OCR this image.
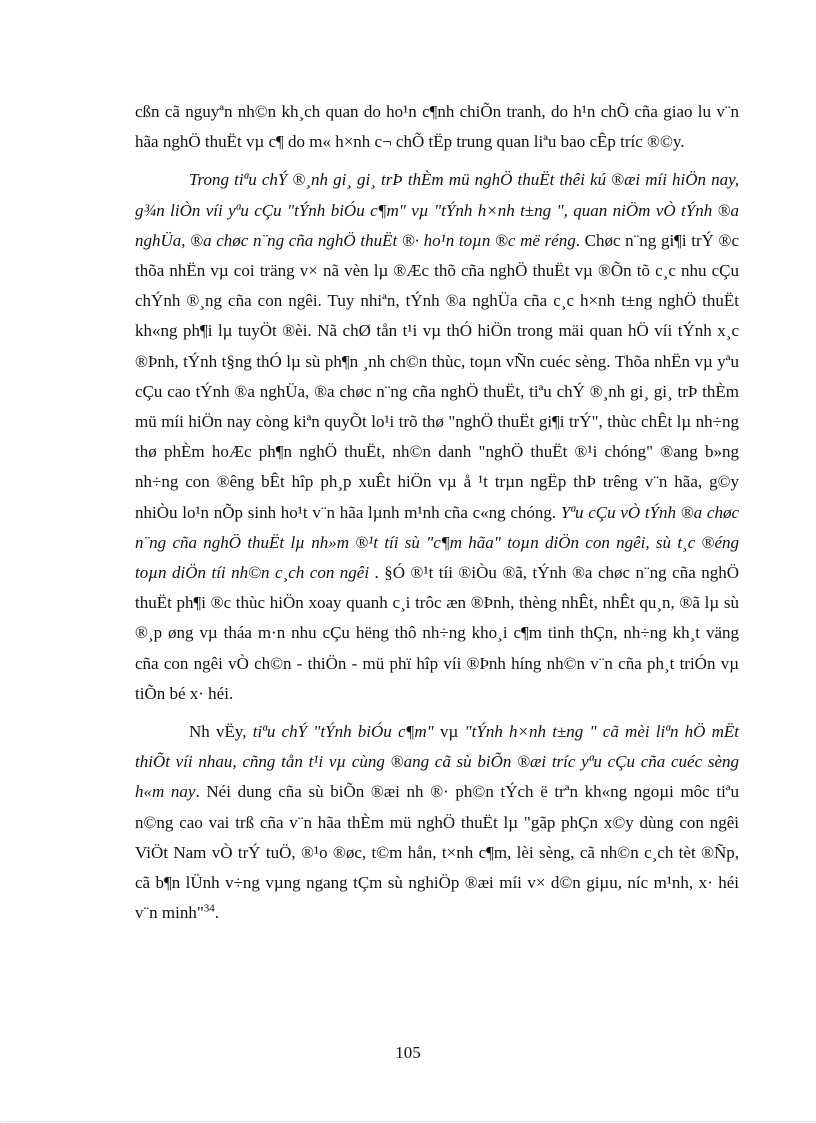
cßn cã nguyªn nh©n kh¸ch quan do ho¹n c¶nh chiÕn tranh, do h¹n chÕ cña giao lu v¨n hãa nghÖ thuËt vµ c¶ do m« h×nh c¬ chÕ tËp trung quan liªu bao cÊp tríc ®©y.

Trong tiªu chÝ ®¸nh gi¸ gi¸ trÞ thÈm mü nghÖ thuËt thêi kú ®æi míi hiÖn nay, g¾n liÒn víi yªu cÇu "tÝnh biÓu c¶m" vµ "tÝnh h×nh t±ng ", quan niÖm vÒ tÝnh ®a nghÜa, ®a chøc n¨ng cña nghÖ thuËt ®· ho¹n toµn ®c më réng. Chøc n¨ng gi¶i trÝ ®c thõa nhËn vµ coi träng v× nã vèn lµ ®Æc thõ cña nghÖ thuËt vµ ®Õn tõ c¸c nhu cÇu chÝnh ®¸ng cña con ngêi. Tuy nhiªn, tÝnh ®a nghÜa cña c¸c h×nh t±ng nghÖ thuËt kh«ng ph¶i lµ tuyÖt ®èi. Nã chØ tån t¹i vµ thÓ hiÖn trong mäi quan hÖ víi tÝnh x¸c ®Þnh, tÝnh t§ng thÓ lµ sù ph¶n ¸nh ch©n thùc, toµn vÑn cuéc sèng. Thõa nhËn vµ yªu cÇu cao tÝnh ®a nghÜa, ®a chøc n¨ng cña nghÖ thuËt, tiªu chÝ ®¸nh gi¸ gi¸ trÞ thÈm mü míi hiÖn nay còng kiªn quyÕt lo¹i trõ thø "nghÖ thuËt gi¶i trÝ", thùc chÊt lµ nh÷ng thø phÈm hoÆc ph¶n nghÖ thuËt, nh©n danh "nghÖ thuËt ®¹i chóng" ®ang b»ng nh÷ng con ®êng bÊt hîp ph¸p xuÊt hiÖn vµ å ¹t trµn ngËp thÞ trêng v¨n hãa, g©y nhiÒu lo¹n nÕp sinh ho¹t v¨n hãa lµnh m¹nh cña c«ng chóng. Yªu cÇu vÒ tÝnh ®a chøc n¨ng cña nghÖ thuËt lµ nh»m ®¹t tíi sù "c¶m hãa" toµn diÖn con ngêi, sù t¸c ®éng toµn diÖn tíi nh©n c¸ch con ngêi . §Ó ®¹t tíi ®iÒu ®ã, tÝnh ®a chøc n¨ng cña nghÖ thuËt ph¶i ®c thùc hiÖn xoay quanh c¸i trôc æn ®Þnh, thèng nhÊt, nhÊt qu¸n, ®ã lµ sù ®¸p øng vµ tháa m·n nhu cÇu hëng thô nh÷ng kho¸i c¶m tinh thÇn, nh÷ng kh¸t väng cña con ngêi vÒ ch©n - thiÖn - mü phï hîp víi ®Þnh híng nh©n v¨n cña ph¸t triÓn vµ tiÕn bé x· héi.

Nh vËy, tiªu chÝ "tÝnh biÓu c¶m" vµ "tÝnh h×nh t±ng " cã mèi liªn hÖ mËt thiÕt víi nhau, cñng tån t¹i vµ cùng ®ang cã sù biÕn ®æi tríc yªu cÇu cña cuéc sèng h«m nay. Néi dung cña sù biÕn ®æi nh ®· ph©n tÝch ë trªn kh«ng ngoµi môc tiªu n©ng cao vai trß cña v¨n hãa thÈm mü nghÖ thuËt lµ "gãp phÇn x©y dùng con ngêi ViÖt Nam vÒ trÝ tuÖ, ®¹o ®øc, t©m hån, t×nh c¶m, lèi sèng, cã nh©n c¸ch tèt ®Ñp, cã b¶n lÜnh v÷ng vµng ngang tÇm sù nghiÖp ®æi míi v× d©n giµu, níc m¹nh, x· héi v¨n minh"$^{34}$.

105
